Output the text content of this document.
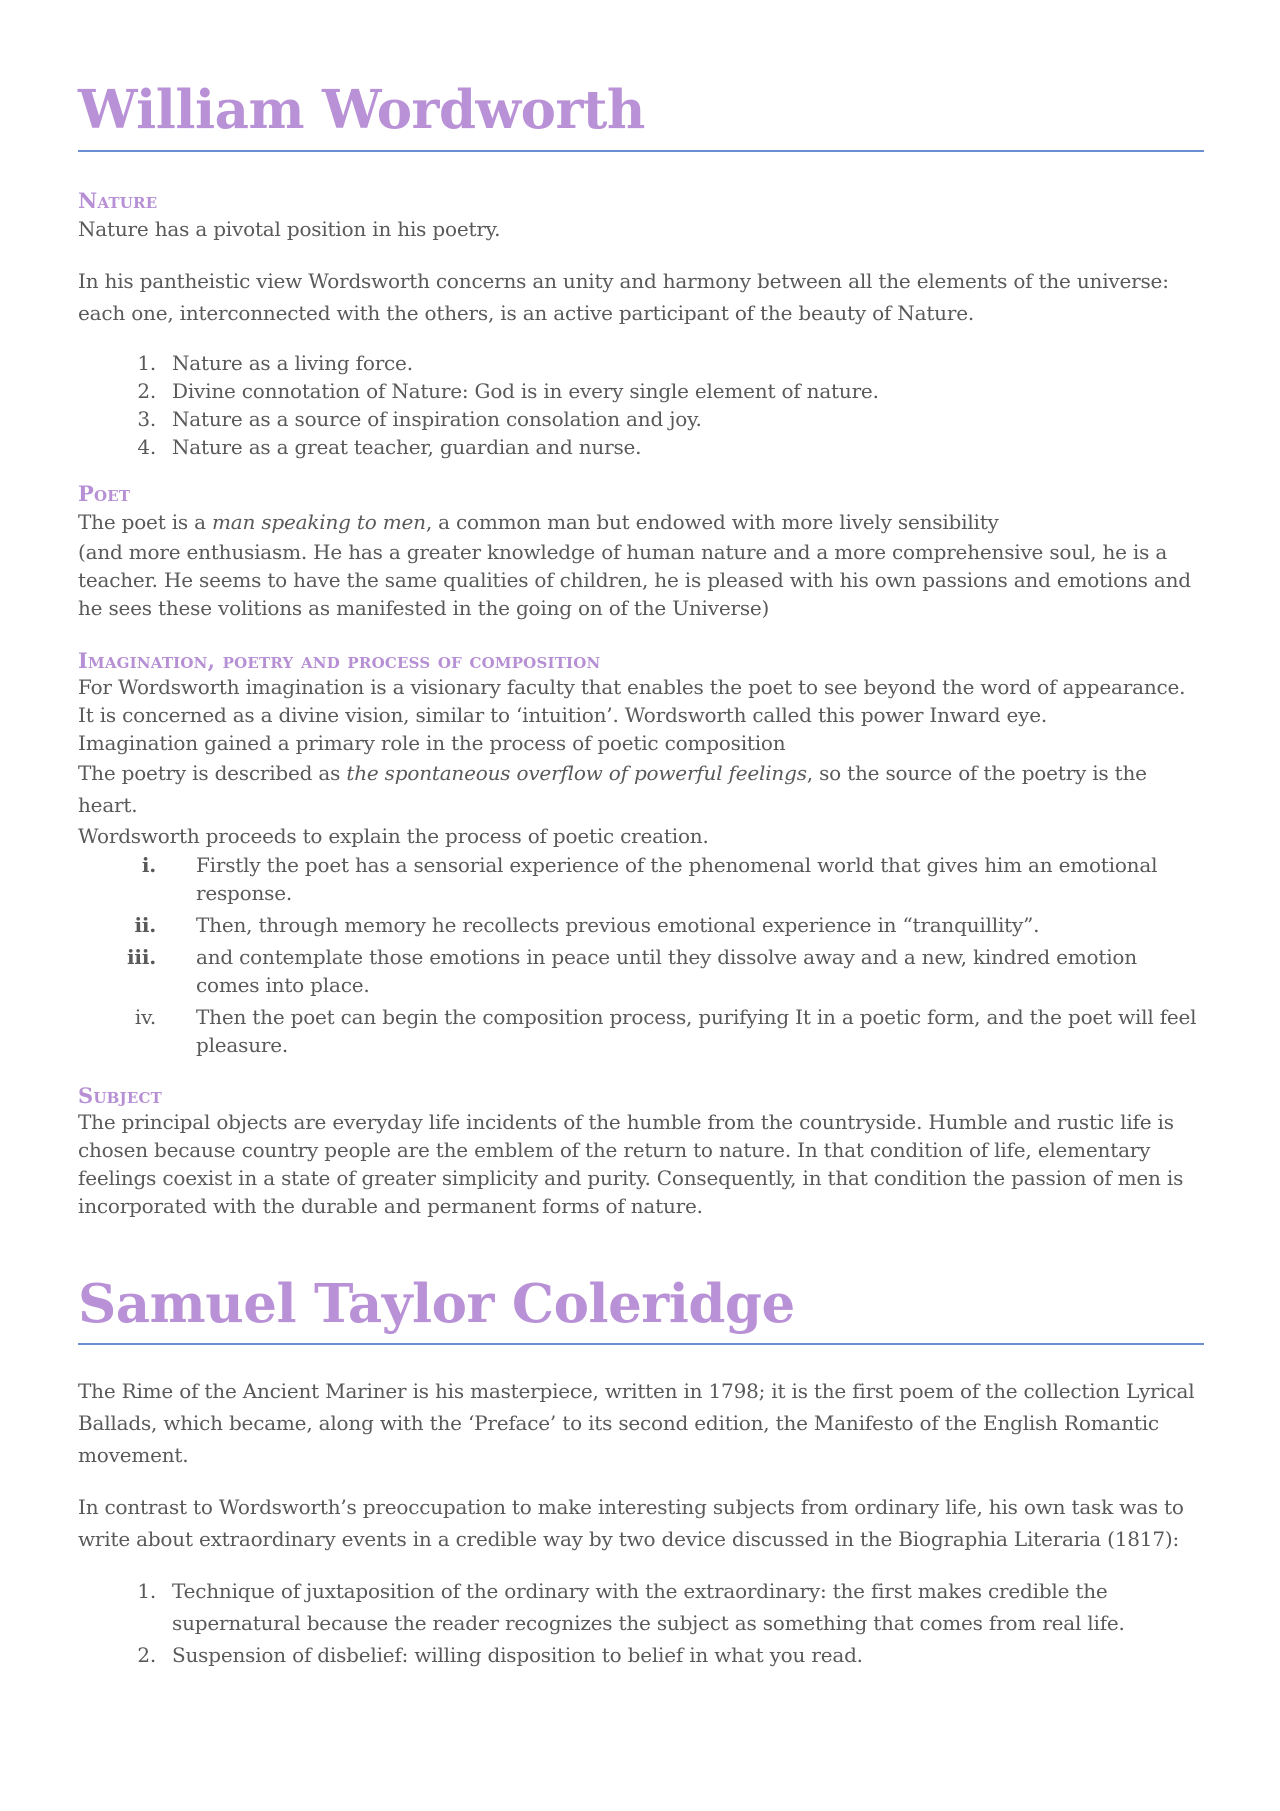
William Wordworth
Nature

Nature has a pivotal position in his poetry.

In his pantheistic view Wordsworth concerns an unity and harmony between all the elements of the universe: each one, interconnected with the others, is an active participant of the beauty of Nature.

1. Nature as a living force.
2. Divine connotation of Nature: God is in every single element of nature.
3. Nature as a source of inspiration consolation and joy.
4. Nature as a great teacher, guardian and nurse.
Poet

The poet is a man speaking to men, a common man but endowed with more lively sensibility

(and more enthusiasm. He has a greater knowledge of human nature and a more comprehensive soul, he is a teacher. He seems to have the same qualities of children, he is pleased with his own passions and emotions and he sees these volitions as manifested in the going on of the Universe)

Imagination, poetry and process of composition

For Wordsworth imagination is a visionary faculty that enables the poet to see beyond the word of appearance. It is concerned as a divine vision, similar to ‘intuition’. Wordsworth called this power Inward eye.

Imagination gained a primary role in the process of poetic composition

The poetry is described as the spontaneous overflow of powerful feelings, so the source of the poetry is the heart.

Wordsworth proceeds to explain the process of poetic creation.

i. Firstly the poet has a sensorial experience of the phenomenal world that gives him an emotional response.
ii. Then, through memory he recollects previous emotional experience in “tranquillity”.
iii. and contemplate those emotions in peace until they dissolve away and a new, kindred emotion comes into place.
iv. Then the poet can begin the composition process, purifying It in a poetic form, and the poet will feel pleasure.
Subject

The principal objects are everyday life incidents of the humble from the countryside. Humble and rustic life is chosen because country people are the emblem of the return to nature. In that condition of life, elementary feelings coexist in a state of greater simplicity and purity. Consequently, in that condition the passion of men is incorporated with the durable and permanent forms of nature.

Samuel Taylor Coleridge

The Rime of the Ancient Mariner is his masterpiece, written in 1798; it is the first poem of the collection Lyrical Ballads, which became, along with the ‘Preface’ to its second edition, the Manifesto of the English Romantic movement.

In contrast to Wordsworth’s preoccupation to make interesting subjects from ordinary life, his own task was to write about extraordinary events in a credible way by two device discussed in the Biographia Literaria (1817):

1. Technique of juxtaposition of the ordinary with the extraordinary: the first makes credible the supernatural because the reader recognizes the subject as something that comes from real life.
2. Suspension of disbelief: willing disposition to belief in what you read.
